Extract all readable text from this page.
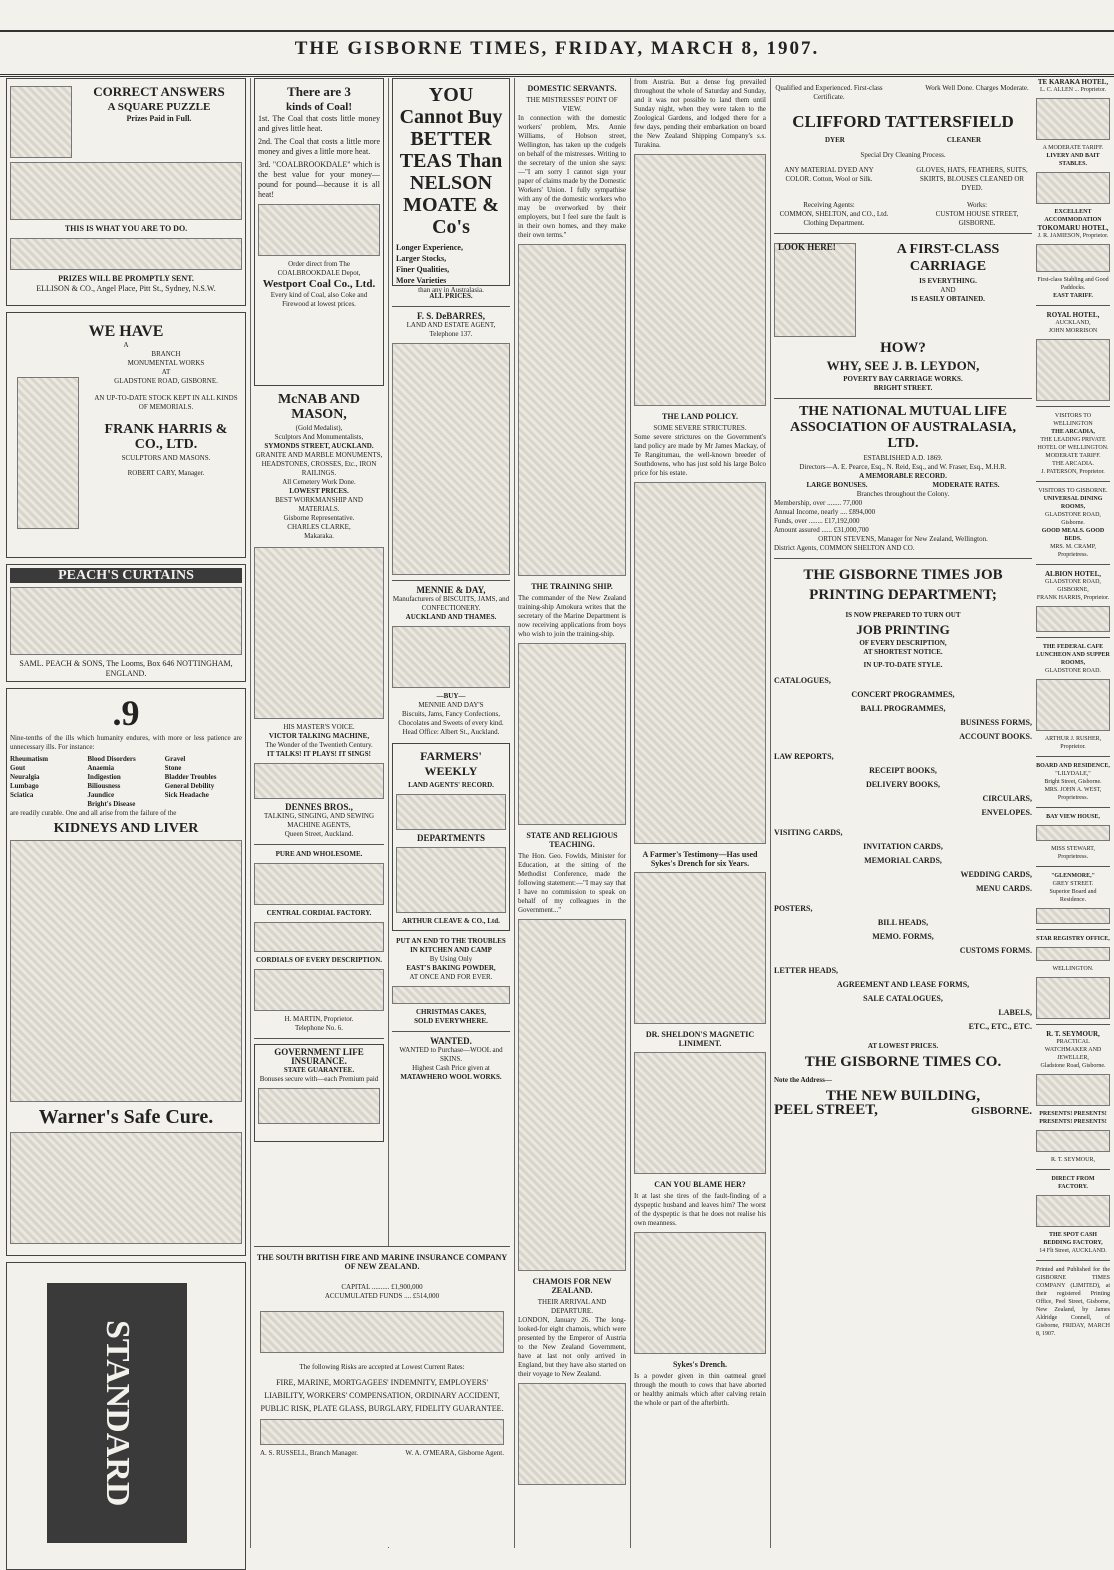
THE GISBORNE TIMES, FRIDAY, MARCH 8, 1907.
CORRECT ANSWERS
A SQUARE PUZZLE
Prizes Paid in Full.
THIS IS WHAT YOU ARE TO DO.
PRIZES WILL BE PROMPTLY SENT.
ELLISON & CO., Angel Place, Pitt St., Sydney, N.S.W.
WE HAVE
A
BRANCH
MONUMENTAL WORKS
AT
GLADSTONE ROAD, GISBORNE.
AN UP-TO-DATE STOCK KEPT IN ALL KINDS OF MEMORIALS.
FRANK HARRIS & CO., LTD.
SCULPTORS AND MASONS.
ROBERT CARY, Manager.
PEACH'S CURTAINS
SAML. PEACH & SONS, The Looms, Box 646 NOTTINGHAM, ENGLAND.
.9
Nine-tenths of the ills which humanity endures, with more or less patience are unnecessary ills. For instance:
Rheumatism	Blood Disorders	Gravel
Gout	Anaemia	Stone
Neuralgia	Indigestion	Bladder Troubles
Lumbago	Biliousness	General Debility
Sciatica	Jaundice	Sick Headache
Bright's Disease
are readily curable. One and all arise from the failure of the
KIDNEYS AND LIVER
Warner's Safe Cure.
STANDARD
There are 3
kinds of Coal!
1st. The Coal that costs little money and gives little heat.
2nd. The Coal that costs a little more money and gives a little more heat.
3rd. "COALBROOKDALE" which is the best value for your money—pound for pound—because it is all heat!
Order direct from The COALBROOKDALE Depot,
Westport Coal Co., Ltd.
Every kind of Coal, also Coke and Firewood at lowest prices.
McNAB AND MASON,
(Gold Medalist),
Sculptors And Monumentalists,
SYMONDS STREET, AUCKLAND.
GRANITE AND MARBLE MONUMENTS, HEADSTONES, CROSSES, Etc., IRON RAILINGS.
All Cemetery Work Done.
LOWEST PRICES.
BEST WORKMANSHIP AND MATERIALS.
Gisborne Representative.
CHARLES CLARKE,
Makaraka.
HIS MASTER'S VOICE.
VICTOR TALKING MACHINE,
The Wonder of the Twentieth Century.
IT TALKS! IT PLAYS! IT SINGS!
DENNES BROS.,
TALKING, SINGING, AND SEWING MACHINE AGENTS,
Queen Street, Auckland.
PURE AND WHOLESOME.
CENTRAL CORDIAL FACTORY.
CORDIALS OF EVERY DESCRIPTION.
H. MARTIN, Proprietor.
Telephone No. 6.
GOVERNMENT LIFE INSURANCE.
STATE GUARANTEE.
Bonuses secure with—each Premium paid
THE SOUTH BRITISH FIRE AND MARINE INSURANCE COMPANY OF NEW ZEALAND.
CAPITAL .......... £1,900,000
ACCUMULATED FUNDS .... £514,000
The following Risks are accepted at Lowest Current Rates:
FIRE, MARINE, MORTGAGEES' INDEMNITY, EMPLOYERS' LIABILITY, WORKERS' COMPENSATION, ORDINARY ACCIDENT, PUBLIC RISK, PLATE GLASS, BURGLARY, FIDELITY GUARANTEE.
A. S. RUSSELL, Branch Manager.	W. A. O'MEARA, Gisborne Agent.
YOU Cannot Buy BETTER TEAS Than NELSON MOATE & Co's
Longer Experience,
Larger Stocks,
Finer Qualities,
More Varieties
than any in Australasia.
ALL PRICES.
F. S. DeBARRES,
LAND AND ESTATE AGENT,
Telephone 137.
MENNIE & DAY,
Manufacturers of BISCUITS, JAMS, and CONFECTIONERY.
AUCKLAND AND THAMES.
—BUY—
MENNIE AND DAY'S
Biscuits, Jams, Fancy Confections, Chocolates and Sweets of every kind.
Head Office: Albert St., Auckland.
FARMERS' WEEKLY
LAND AGENTS' RECORD.
DEPARTMENTS
ARTHUR CLEAVE & CO., Ltd.
PUT AN END TO THE TROUBLES IN KITCHEN AND CAMP
By Using Only
EAST'S BAKING POWDER,
AT ONCE AND FOR EVER.
CHRISTMAS CAKES,
SOLD EVERYWHERE.
WANTED.
WANTED to Purchase—WOOL and SKINS.
Highest Cash Price given at
MATAWHERO WOOL WORKS.
DOMESTIC SERVANTS.
THE MISTRESSES' POINT OF VIEW.
In connection with the domestic workers' problem, Mrs. Annie Williams, of Hobson street, Wellington, has taken up the cudgels on behalf of the mistresses. Writing to the secretary of the union she says:—"I am sorry I cannot sign your paper of claims made by the Domestic Workers' Union. I fully sympathise with any of the domestic workers who may be overworked by their employers, but I feel sure the fault is in their own homes, and they make their own terms."
THE TRAINING SHIP.
The commander of the New Zealand training-ship Amokura writes that the secretary of the Marine Department is now receiving applications from boys who wish to join the training-ship.
STATE AND RELIGIOUS TEACHING.
The Hon. Geo. Fowlds, Minister for Education, at the sitting of the Methodist Conference, made the following statement:—"I may say that I have no commission to speak on behalf of my colleagues in the Government..."
CHAMOIS FOR NEW ZEALAND.
THEIR ARRIVAL AND DEPARTURE.
LONDON, January 26. The long-looked-for eight chamois, which were presented by the Emperor of Austria to the New Zealand Government, have at last not only arrived in England, but they have also started on their voyage to New Zealand.
from Austria. But a dense fog prevailed throughout the whole of Saturday and Sunday, and it was not possible to land them until Sunday night, when they were taken to the Zoological Gardens, and lodged there for a few days, pending their embarkation on board the New Zealand Shipping Company's s.s. Turakina.
THE LAND POLICY.
SOME SEVERE STRICTURES.
Some severe strictures on the Government's land policy are made by Mr James Mackay, of Te Rangitumau, the well-known breeder of Southdowns, who has just sold his large Bolco price for his estate.
A Farmer's Testimony—Has used Sykes's Drench for six Years.
DR. SHELDON'S MAGNETIC LINIMENT.
CAN YOU BLAME HER?
It at last she tires of the fault-finding of a dyspeptic husband and leaves him? The worst of the dyspeptic is that he does not realise his own meanness.
Sykes's Drench.
Is a powder given in thin oatmeal gruel through the mouth to cows that have aborted or healthy animals which after calving retain the whole or part of the afterbirth.
Qualified and Experienced. First-class Certificate.
Work Well Done. Charges Moderate.
CLIFFORD TATTERSFIELD
DYER	CLEANER
Special Dry Cleaning Process.
ANY MATERIAL DYED ANY COLOR. Cotton, Wool or Silk.
GLOVES, HATS, FEATHERS, SUITS, SKIRTS, BLOUSES CLEANED OR DYED.
Receiving Agents:	Works:
COMMON, SHELTON, and CO., Ltd. Clothing Department.
CUSTOM HOUSE STREET, GISBORNE.
LOOK HERE!	A FIRST-CLASS CARRIAGE
IS EVERYTHING.
AND
IS EASILY OBTAINED.
HOW?
WHY, SEE J. B. LEYDON,
POVERTY BAY CARRIAGE WORKS.
BRIGHT STREET.
THE NATIONAL MUTUAL LIFE ASSOCIATION OF AUSTRALASIA, LTD.
ESTABLISHED A.D. 1869.
Directors—A. E. Pearce, Esq., N. Reid, Esq., and W. Fraser, Esq., M.H.R.
A MEMORABLE RECORD.
LARGE BONUSES.	MODERATE RATES.
Branches throughout the Colony.
Membership, over ........ 77,000
Annual Income, nearly .... £894,000
Funds, over ........ £17,192,000
Amount assured ...... £31,000,700
ORTON STEVENS, Manager for New Zealand, Wellington.
District Agents, COMMON SHELTON AND CO.
THE GISBORNE TIMES JOB PRINTING DEPARTMENT;
IS NOW PREPARED TO TURN OUT
JOB PRINTING
OF EVERY DESCRIPTION,
AT SHORTEST NOTICE.
IN UP-TO-DATE STYLE.
CATALOGUES,
CONCERT PROGRAMMES,
BALL PROGRAMMES,
BUSINESS FORMS,
ACCOUNT BOOKS.
LAW REPORTS,
RECEIPT BOOKS,
DELIVERY BOOKS,
CIRCULARS,
ENVELOPES.
VISITING CARDS,
INVITATION CARDS,
MEMORIAL CARDS,
WEDDING CARDS,
MENU CARDS.
POSTERS,
BILL HEADS,
MEMO. FORMS,
CUSTOMS FORMS.
LETTER HEADS,
AGREEMENT AND LEASE FORMS,
SALE CATALOGUES,
LABELS,
ETC., ETC., ETC.
AT LOWEST PRICES.
THE GISBORNE TIMES CO.
Note the Address—
THE NEW BUILDING,
PEEL STREET,	GISBORNE.
TE KARAKA HOTEL,
L. C. ALLEN ... Proprietor.
A MODERATE TARIFF.
LIVERY AND BAIT STABLES.
EXCELLENT ACCOMMODATION
TOKOMARU HOTEL,
J. R. JAMIESON, Proprietor.
First-class Stabling and Good Paddocks.
EAST TARIFF.
ROYAL HOTEL,
AUCKLAND,
JOHN MORRISON
VISITORS TO WELLINGTON
THE ARCADIA,
THE LEADING PRIVATE HOTEL OF WELLINGTON.
MODERATE TARIFF.
THE ARCADIA.
J. PATERSON, Proprietor.
VISITORS TO GISBORNE.
UNIVERSAL DINING ROOMS,
GLADSTONE ROAD, Gisborne.
GOOD MEALS. GOOD BEDS.
MRS. M. CRAMP, Proprietress.
ALBION HOTEL,
GLADSTONE ROAD, GISBORNE,
FRANK HARRIS, Proprietor.
THE FEDERAL CAFE LUNCHEON AND SUPPER ROOMS,
GLADSTONE ROAD.
ARTHUR J. RUSHER, Proprietor.
BOARD AND RESIDENCE,
"LILYDALE,"
Bright Street, Gisborne.
MRS. JOHN A. WEST, Proprietress.
BAY VIEW HOUSE,
MISS STEWART, Proprietress.
"GLENMORE,"
GREY STREET.
Superior Board and Residence.
STAR REGISTRY OFFICE,
WELLINGTON.
R. T. SEYMOUR,
PRACTICAL WATCHMAKER AND JEWELLER,
Gladstone Road, Gisborne.
PRESENTS! PRESENTS! PRESENTS! PRESENTS!
R. T. SEYMOUR,
DIRECT FROM FACTORY.
THE SPOT CASH BEDDING FACTORY,
14 Flt Street, AUCKLAND.
Printed and Published for the GISBORNE TIMES COMPANY (LIMITED), at their registered Printing Office, Peel Street, Gisborne, New Zealand, by James Aldridge Connell, of Gisborne, FRIDAY, MARCH 8, 1907.
